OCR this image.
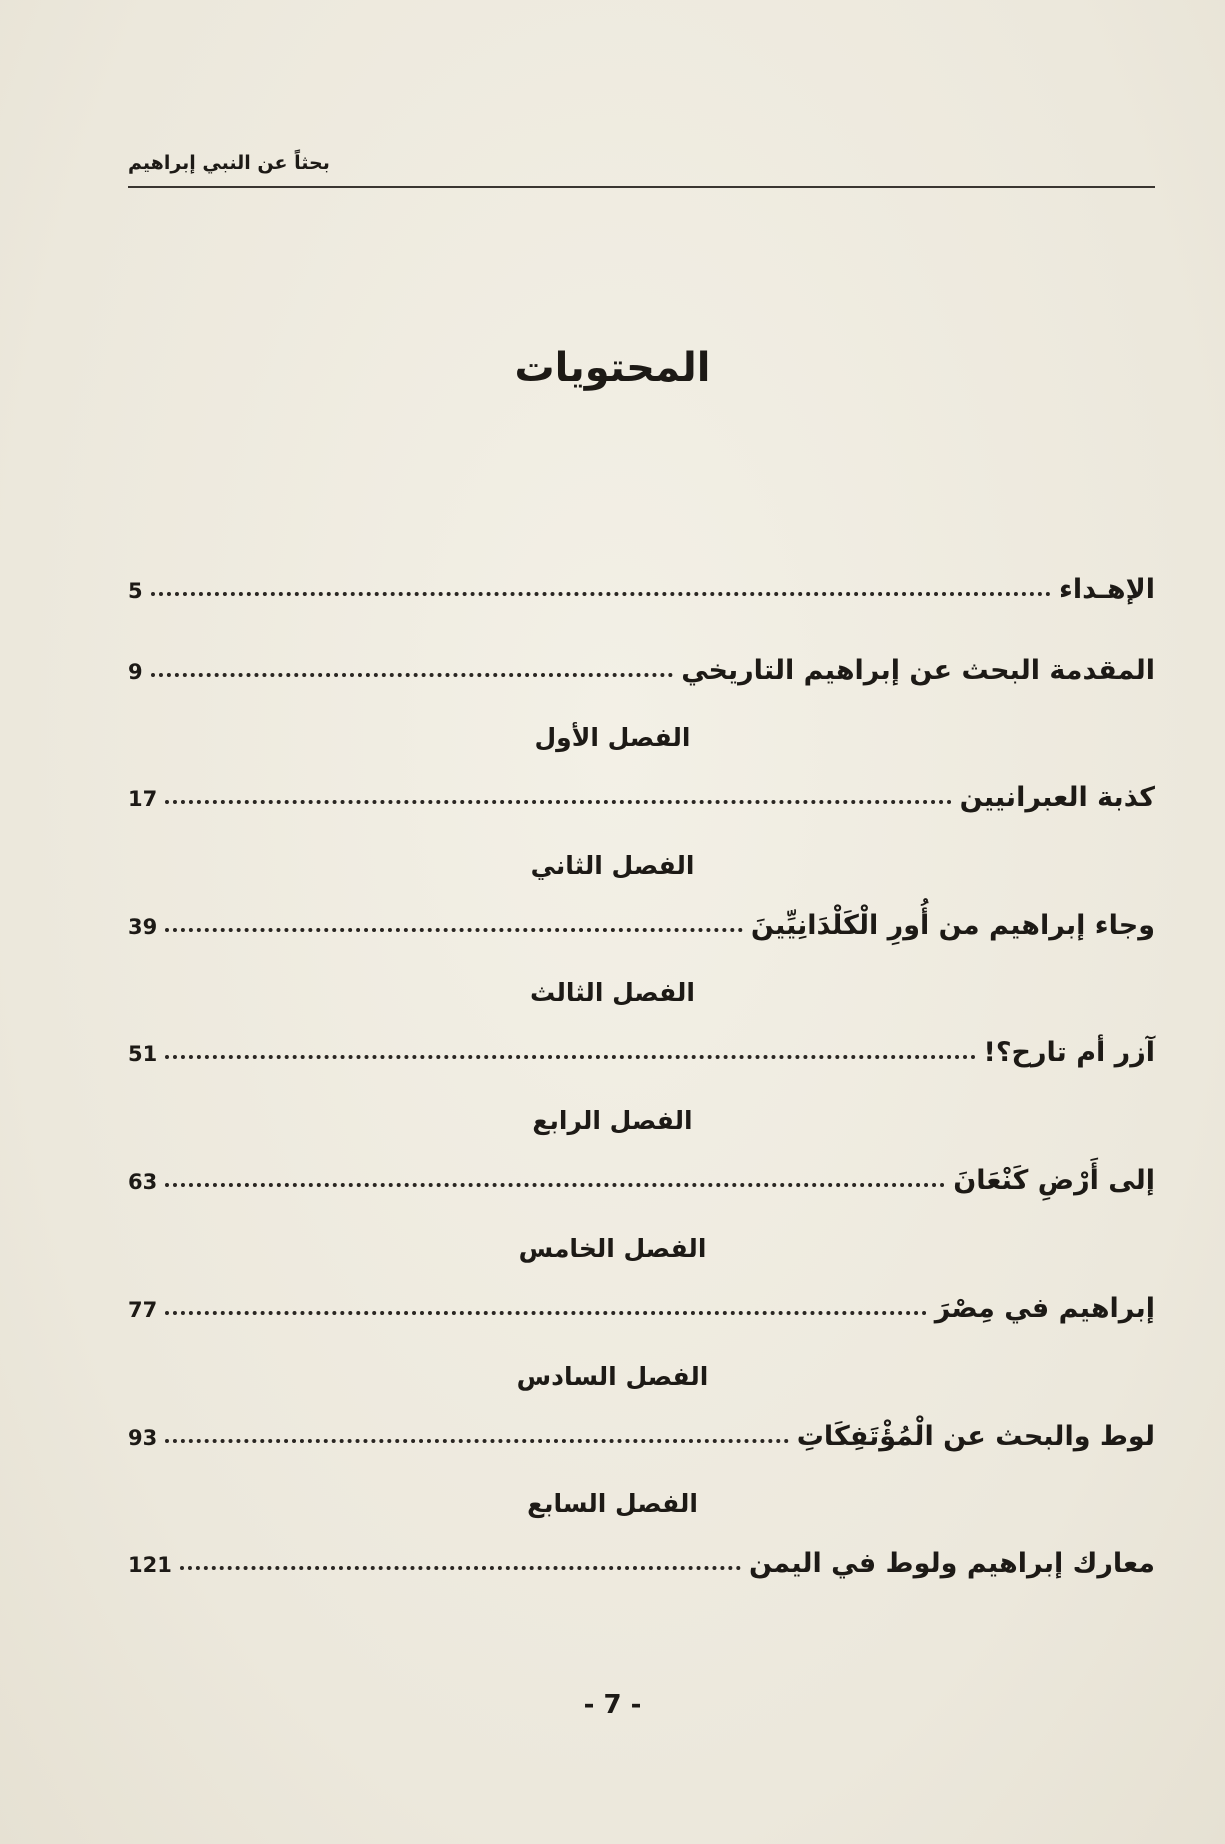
بحثاً عن النبي إبراهيم
المحتويات
الإهـداء
5
المقدمة البحث عن إبراهيم التاريخي
9
الفصل الأول
كذبة العبرانيين
17
الفصل الثاني
وجاء إبراهيم من أُورِ الْكَلْدَانِيِّينَ
39
الفصل الثالث
آزر أم تارح؟!
51
الفصل الرابع
إلى أَرْضِ كَنْعَانَ
63
الفصل الخامس
إبراهيم في مِصْرَ
77
الفصل السادس
لوط والبحث عن الْمُؤْتَفِكَاتِ
93
الفصل السابع
معارك إبراهيم ولوط في اليمن
121
- 7 -
